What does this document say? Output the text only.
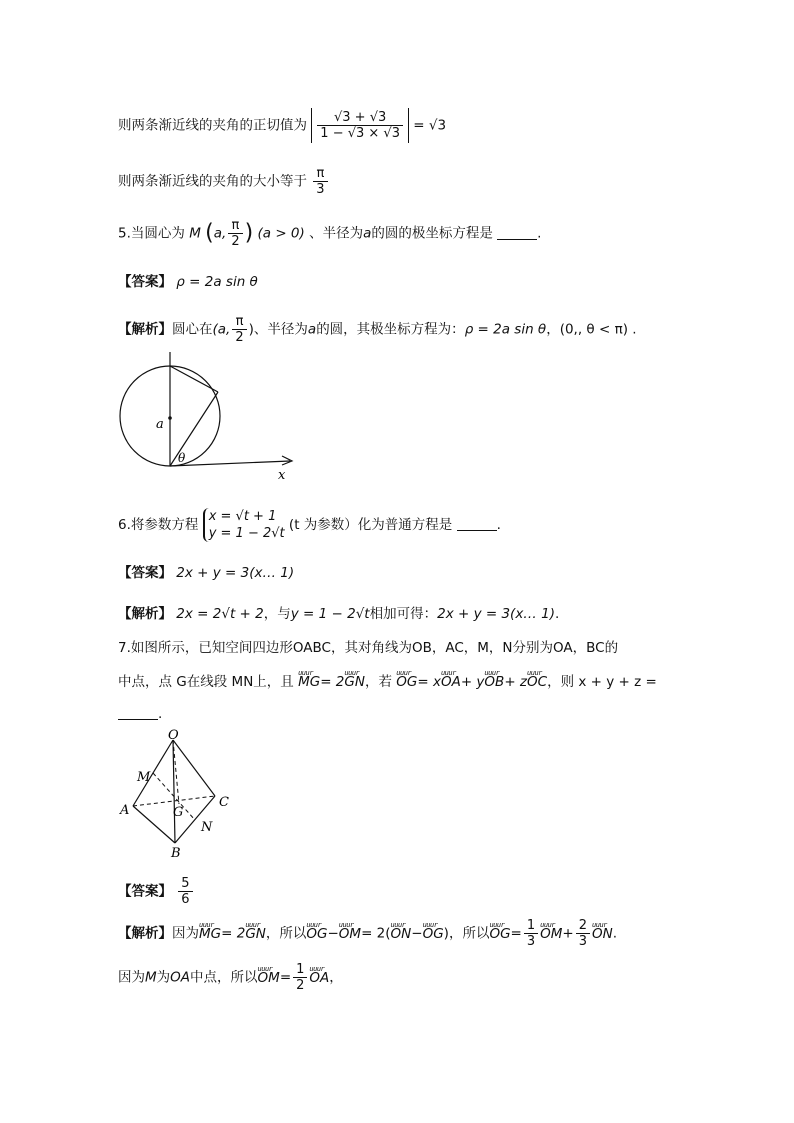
则两条渐近线的夹角的正切值为 $\frac{√3 + √3}{1 - √3 \times √3} = √3$
则两条渐近线的夹角的大小等于 $\frac{\pi}{3}$
5.当圆心为 M (a, $\frac{\pi}{2}$ ) (a > 0) 、半径为a的圆的极坐标方程是	.
【答案】 ρ = 2a sin θ
【解析】圆心在(a, $\frac{\pi}{2}$ )、半径为a的圆，其极坐标方程为：ρ = 2a sin θ，(0,, θ < π) .
a
θ
x
6.将参数方程
x = √t + 1
y = 1 − 2√t
(t 为参数）化为普通方程是	.
【答案】 2x + y = 3(x… 1)
【解析】 2x = 2√t + 2，与y = 1 − 2√t相加可得：2x + y = 3(x… 1).
7.如图所示，已知空间四边形OABC，其对角线为OB，AC，M，N分别为OA，BC的
中点，点 G在线段 MN上，且 uuur MG= 2uuur GN，若 uuur OG= xuuur OA+ yuuur OB+ zuuur OC，则 x + y + z =
.
O
M
A	G
C
N
B
【答案】 $\frac{5}{6}$
【解析】因为uuur MG= 2uuur GN，所以uuur OG−uuur OM= 2(uuur ON−uuur OG)，所以uuur $OG= \frac{1}{3}$ uuur $OM+ \frac{2}{3}$ uuur ON.
因为M为OA中点，所以uuur $OM= \frac{1}{2}$ uuur OA，
